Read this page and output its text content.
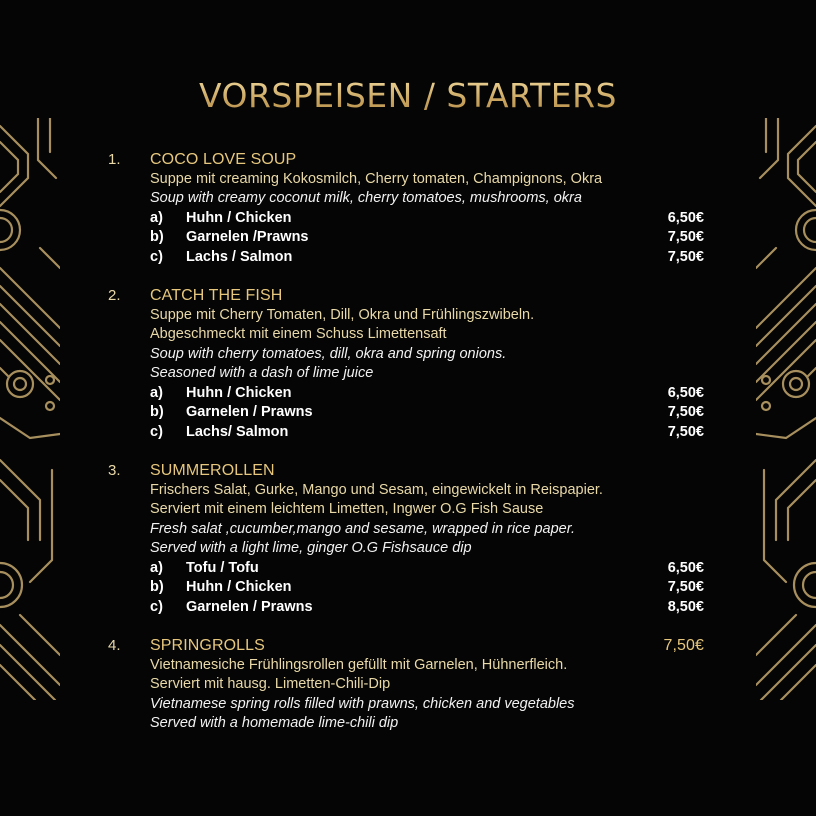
VORSPEISEN / STARTERS
1.	COCO LOVE SOUP
Suppe mit creaming Kokosmilch, Cherry tomaten, Champignons, Okra
Soup with creamy coconut milk, cherry tomatoes, mushrooms, okra
a)	Huhn / Chicken	6,50€
b)	Garnelen /Prawns	7,50€
c)	Lachs / Salmon	7,50€
2.	CATCH THE FISH
Suppe mit Cherry Tomaten, Dill, Okra und Frühlingszwibeln.
Abgeschmeckt mit einem Schuss Limettensaft
Soup with cherry tomatoes, dill, okra and spring onions.
Seasoned with a dash of lime juice
a)	Huhn / Chicken	6,50€
b)	Garnelen / Prawns	7,50€
c)	Lachs/ Salmon	7,50€
3.	SUMMEROLLEN
Frischers Salat, Gurke, Mango und Sesam, eingewickelt in Reispapier.
Serviert mit einem leichtem Limetten, Ingwer O.G Fish Sause
Fresh salat ,cucumber,mango and sesame, wrapped in rice paper.
Served with a light lime, ginger O.G Fishsauce dip
a)	Tofu / Tofu	6,50€
b)	Huhn / Chicken	7,50€
c)	Garnelen / Prawns	8,50€
4.	SPRINGROLLS	7,50€
Vietnamesiche Frühlingsrollen gefüllt mit Garnelen, Hühnerfleich.
Serviert mit hausg. Limetten-Chili-Dip
Vietnamese spring rolls filled with prawns, chicken and vegetables
Served with a homemade lime-chili dip
